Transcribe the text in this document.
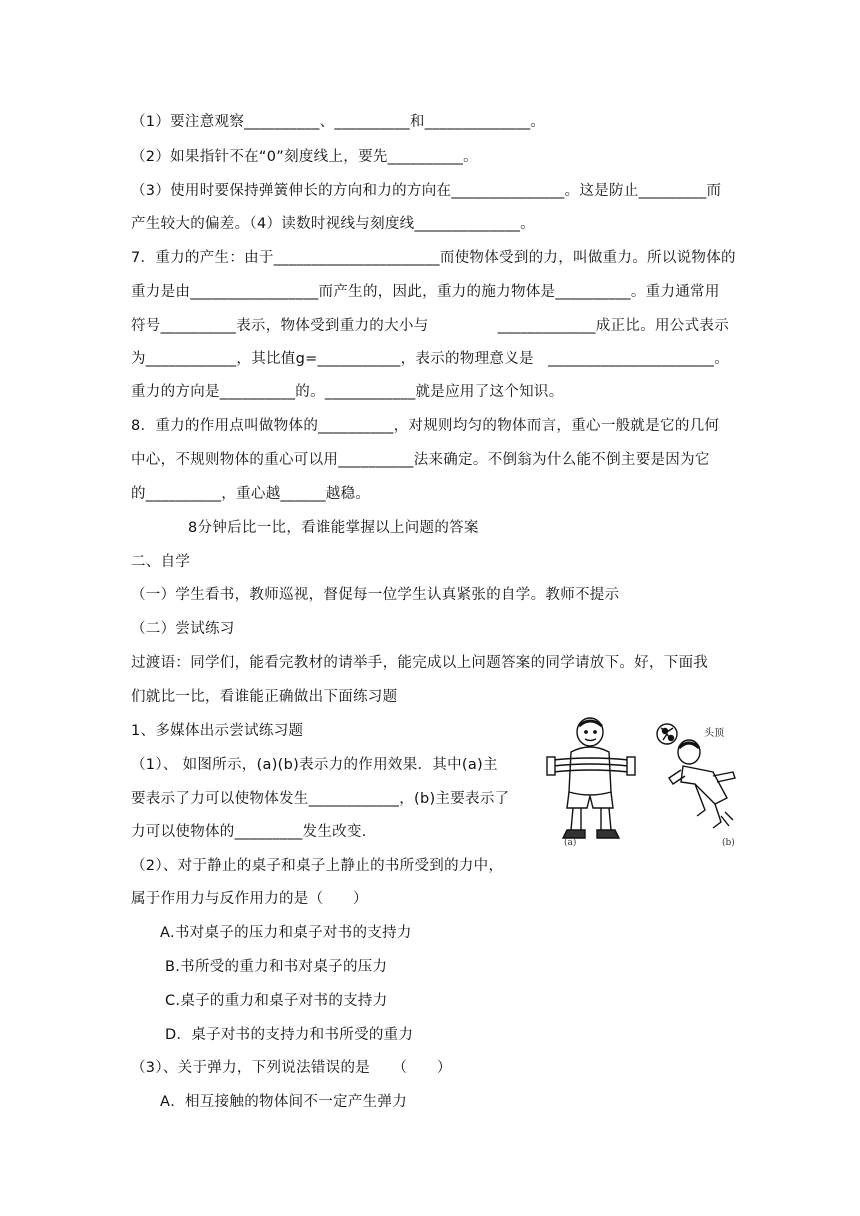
（1）要注意观察__________、__________和______________。
（2）如果指针不在“0”刻度线上，要先__________。
（3）使用时要保持弹簧伸长的方向和力的方向在_______________。这是防止_________而
产生较大的偏差。（4）读数时视线与刻度线______________。
7．重力的产生：由于______________________而使物体受到的力，叫做重力。所以说物体的
重力是由_________________而产生的，因此，重力的施力物体是__________。重力通常用
符号__________表示，物体受到重力的大小与	_____________成正比。用公式表示
为____________，其比值g=___________，表示的物理意义是 ______________________。
重力的方向是__________的。____________就是应用了这个知识。
8．重力的作用点叫做物体的__________，对规则均匀的物体而言，重心一般就是它的几何
中心，不规则物体的重心可以用__________法来确定。不倒翁为什么能不倒主要是因为它
的__________，重心越______越稳。
8分钟后比一比，看谁能掌握以上问题的答案
二、自学
（一）学生看书，教师巡视，督促每一位学生认真紧张的自学。教师不提示
（二）尝试练习
过渡语：同学们，能看完教材的请举手，能完成以上问题答案的同学请放下。好，下面我
们就比一比，看谁能正确做出下面练习题
1、多媒体出示尝试练习题
（1）、 如图所示，(a)(b)表示力的作用效果．其中(a)主
要表示了力可以使物体发生____________，(b)主要表示了
力可以使物体的_________发生改变.
（2）、对于静止的桌子和桌子上静止的书所受到的力中，
属于作用力与反作用力的是（　　）
A.书对桌子的压力和桌子对书的支持力
B.书所受的重力和书对桌子的压力
C.桌子的重力和桌子对书的支持力
D．桌子对书的支持力和书所受的重力
（3）、关于弹力，下列说法错误的是　　（　　）
A．相互接触的物体间不一定产生弹力
(a)	(b)
头顶
